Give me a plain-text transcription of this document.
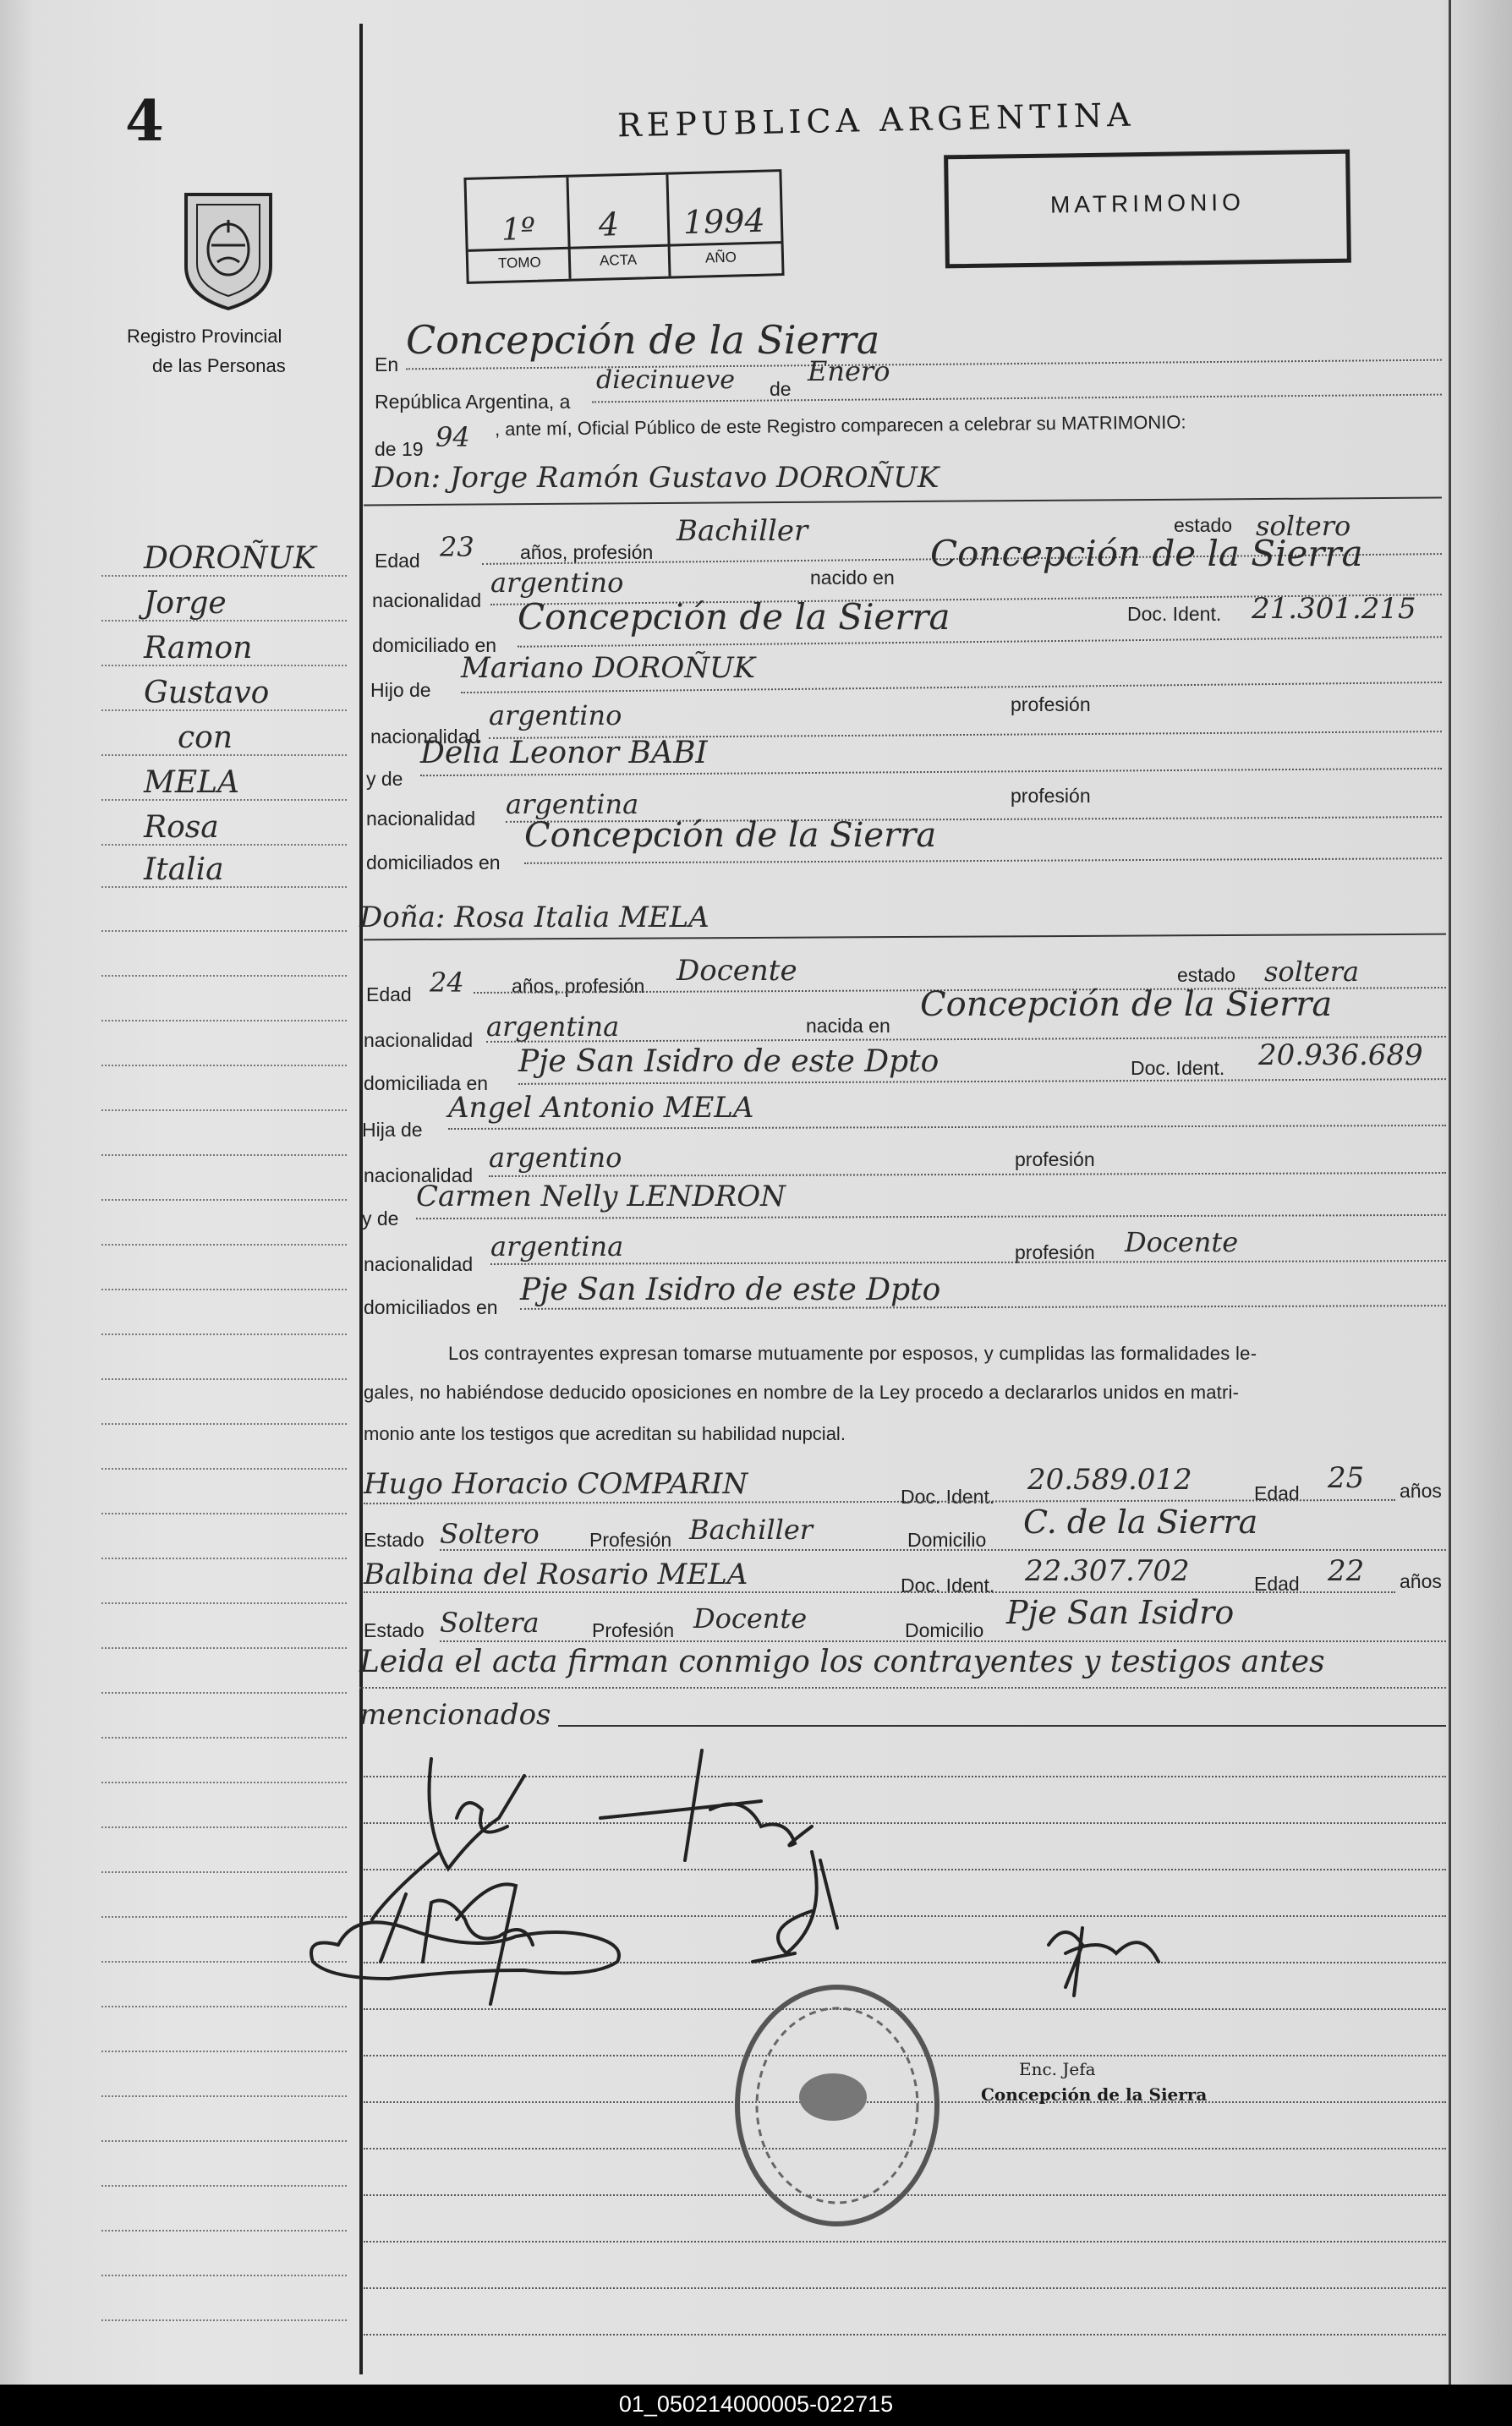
4
Registro Provincial
de las Personas
REPUBLICA ARGENTINA
1º 4 1994
TOMO	ACTA	AÑO
MATRIMONIO
DOROÑUK
Jorge
Ramon
Gustavo
con
MELA
Rosa
Italia
En
Concepción de la Sierra
República Argentina, a
diecinueve de
Enero
de 19 94 , ante mí, Oficial Público de este Registro comparecen a celebrar su MATRIMONIO:
Don: Jorge Ramón Gustavo DOROÑUK
Edad 23 años, profesión
Bachiller	estado soltero
nacionalidad
argentino	nacido en
Concepción de la Sierra
domiciliado en
Concepción de la Sierra	Doc. Ident. 21.301.215
Hijo de
Mariano DOROÑUK
nacionalidad
argentino	profesión
y de
Delia Leonor BABI
nacionalidad argentina	profesión
domiciliados en
Concepción de la Sierra
Doña: Rosa Italia MELA
Edad 24 años, profesión Docente	estado soltera
nacionalidad argentina	nacida en
Concepción de la Sierra
domiciliada en
Pje San Isidro de este Dpto	Doc. Ident. 20.936.689
Hija de
Angel Antonio MELA
nacionalidad
argentino	profesión
y de
Carmen Nelly LENDRON
nacionalidad
argentina	profesión Docente
domiciliados en Pje San Isidro de este Dpto
Los contrayentes expresan tomarse mutuamente por esposos, y cumplidas las formalidades le-
gales, no habiéndose deducido oposiciones en nombre de la Ley procedo a declararlos unidos en matri-
monio ante los testigos que acreditan su habilidad nupcial.
Hugo Horacio COMPARIN	Doc. Ident. 20.589.012	Edad 25 años
Estado Soltero	Profesión Bachiller	Domicilio C. de la Sierra
Balbina del Rosario MELA	Doc. Ident. 22.307.702	Edad 22 años
Estado Soltera	Profesión Docente	Domicilio Pje San Isidro
Leida el acta firman conmigo los contrayentes y testigos antes
mencionados
Enc. Jefa
Concepción de la Sierra
01_050214000005-022715
